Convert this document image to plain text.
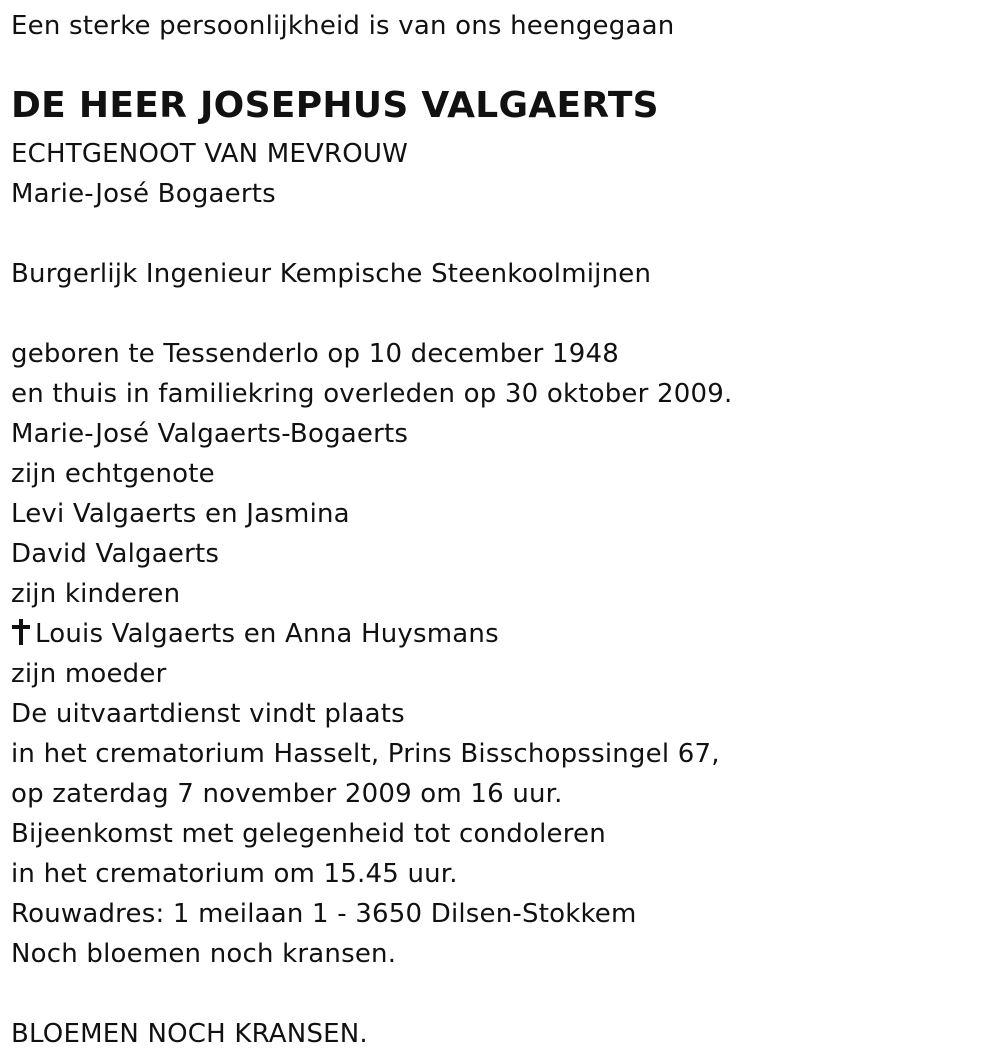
Een sterke persoonlijkheid is van ons heengegaan
DE HEER JOSEPHUS VALGAERTS
ECHTGENOOT VAN MEVROUW
Marie-José Bogaerts
Burgerlijk Ingenieur Kempische Steenkoolmijnen
geboren te Tessenderlo op 10 december 1948
en thuis in familiekring overleden op 30 oktober 2009.
Marie-José Valgaerts-Bogaerts
zijn echtgenote
Levi Valgaerts en Jasmina
David Valgaerts
zijn kinderen
Louis Valgaerts en Anna Huysmans
zijn moeder
De uitvaartdienst vindt plaats
in het crematorium Hasselt, Prins Bisschopssingel 67,
op zaterdag 7 november 2009 om 16 uur.
Bijeenkomst met gelegenheid tot condoleren
in het crematorium om 15.45 uur.
Rouwadres: 1 meilaan 1 - 3650 Dilsen-Stokkem
Noch bloemen noch kransen.
BLOEMEN NOCH KRANSEN.
